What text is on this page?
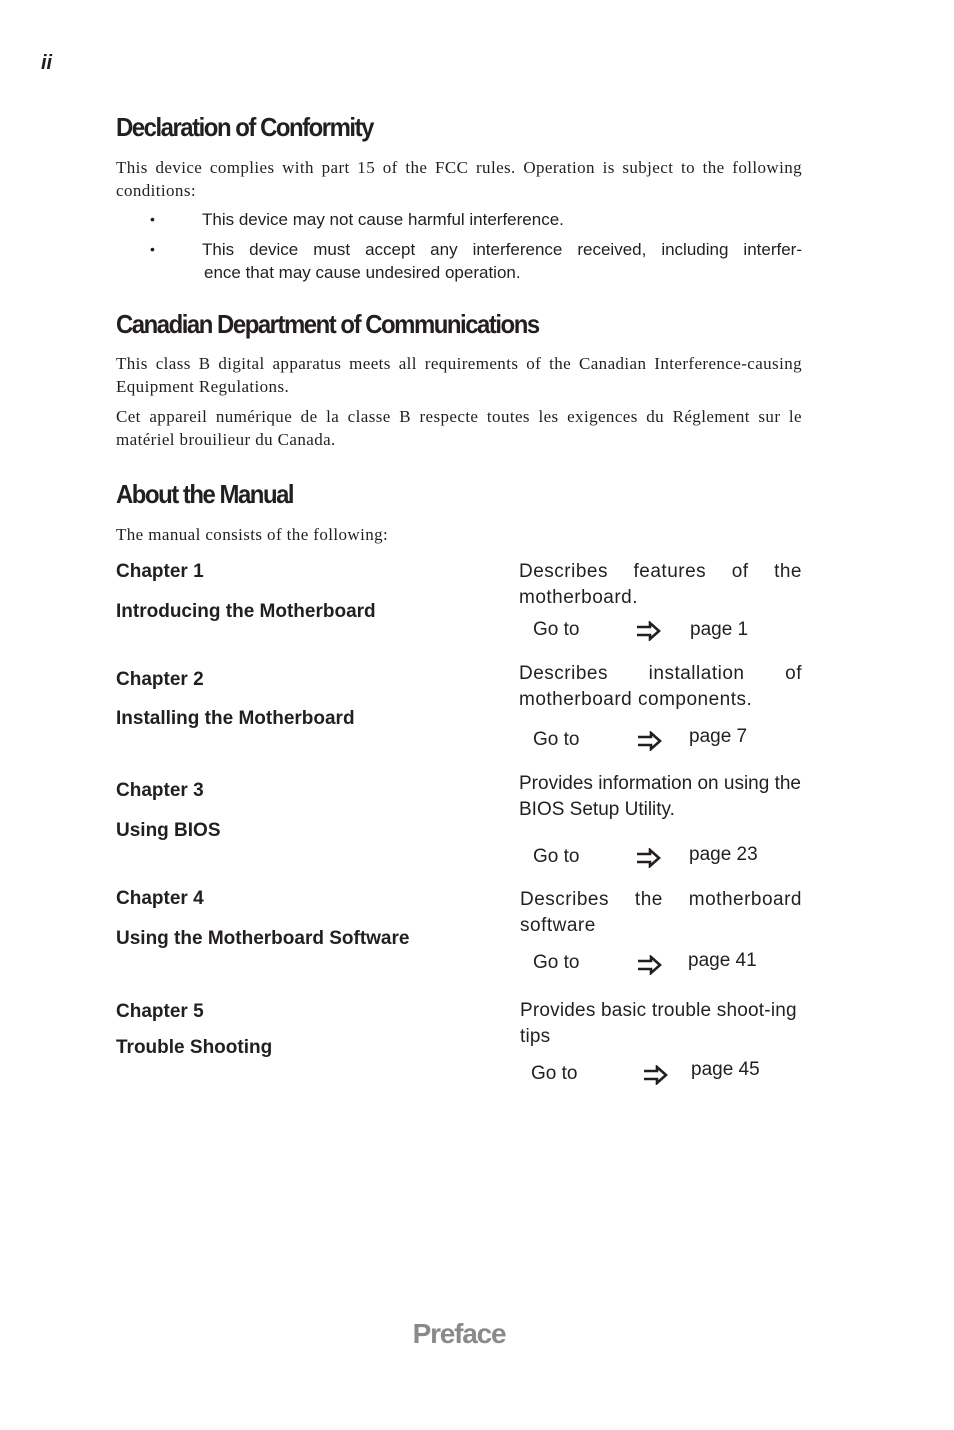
ii
Declaration of Conformity

This device complies with part 15 of the FCC rules. Operation is subject to the following conditions:

•	This device may not cause harmful interference.

•	This device must accept any interference received, including interfer-

ence that may cause undesired operation.

Canadian Department of Communications

This class B digital apparatus meets all requirements of the Canadian Interference-causing Equipment Regulations.

Cet appareil numérique de la classe B respecte toutes les exigences du Réglement sur le matériel brouilieur du Canada.

About the Manual

The manual consists of the following:

Chapter 1

Introducing the Motherboard

Describes features of the motherboard.

Go to	page 1

Chapter 2

Installing the Motherboard

Describes installation of motherboard components.

Go to	page 7

Chapter 3

Using BIOS

Provides information on using the BIOS Setup Utility.

Go to	page 23

Chapter 4

Using the Motherboard Software

Describes the motherboard software

Go to	page 41

Chapter 5

Trouble Shooting

Provides basic trouble shoot-ing tips

Go to	page 45

Preface
